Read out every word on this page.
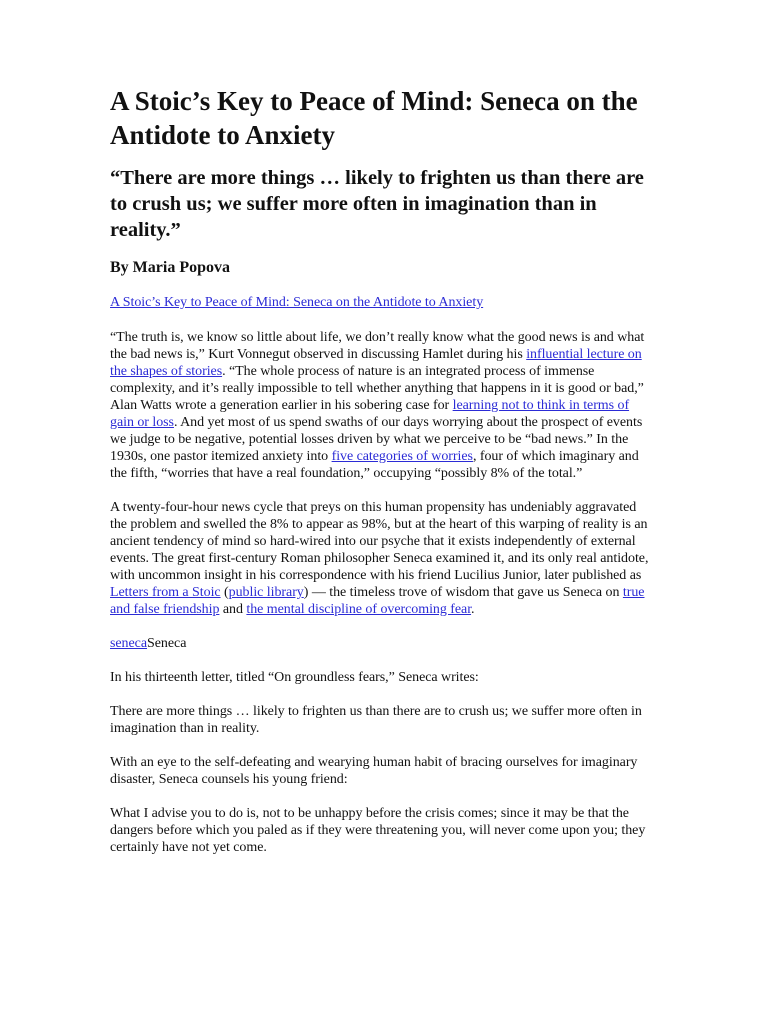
A Stoic’s Key to Peace of Mind: Seneca on the Antidote to Anxiety
“There are more things … likely to frighten us than there are to crush us; we suffer more often in imagination than in reality.”
By Maria Popova

A Stoic’s Key to Peace of Mind: Seneca on the Antidote to Anxiety

“The truth is, we know so little about life, we don’t really know what the good news is and what the bad news is,” Kurt Vonnegut observed in discussing Hamlet during his influential lecture on the shapes of stories. “The whole process of nature is an integrated process of immense complexity, and it’s really impossible to tell whether anything that happens in it is good or bad,” Alan Watts wrote a generation earlier in his sobering case for learning not to think in terms of gain or loss. And yet most of us spend swaths of our days worrying about the prospect of events we judge to be negative, potential losses driven by what we perceive to be “bad news.” In the 1930s, one pastor itemized anxiety into five categories of worries, four of which imaginary and the fifth, “worries that have a real foundation,” occupying “possibly 8% of the total.”

A twenty-four-hour news cycle that preys on this human propensity has undeniably aggravated the problem and swelled the 8% to appear as 98%, but at the heart of this warping of reality is an ancient tendency of mind so hard-wired into our psyche that it exists independently of external events. The great first-century Roman philosopher Seneca examined it, and its only real antidote, with uncommon insight in his correspondence with his friend Lucilius Junior, later published as Letters from a Stoic (public library) — the timeless trove of wisdom that gave us Seneca on true and false friendship and the mental discipline of overcoming fear.

senecaSeneca

In his thirteenth letter, titled “On groundless fears,” Seneca writes:

There are more things … likely to frighten us than there are to crush us; we suffer more often in imagination than in reality.

With an eye to the self-defeating and wearying human habit of bracing ourselves for imaginary disaster, Seneca counsels his young friend:

What I advise you to do is, not to be unhappy before the crisis comes; since it may be that the dangers before which you paled as if they were threatening you, will never come upon you; they certainly have not yet come.
